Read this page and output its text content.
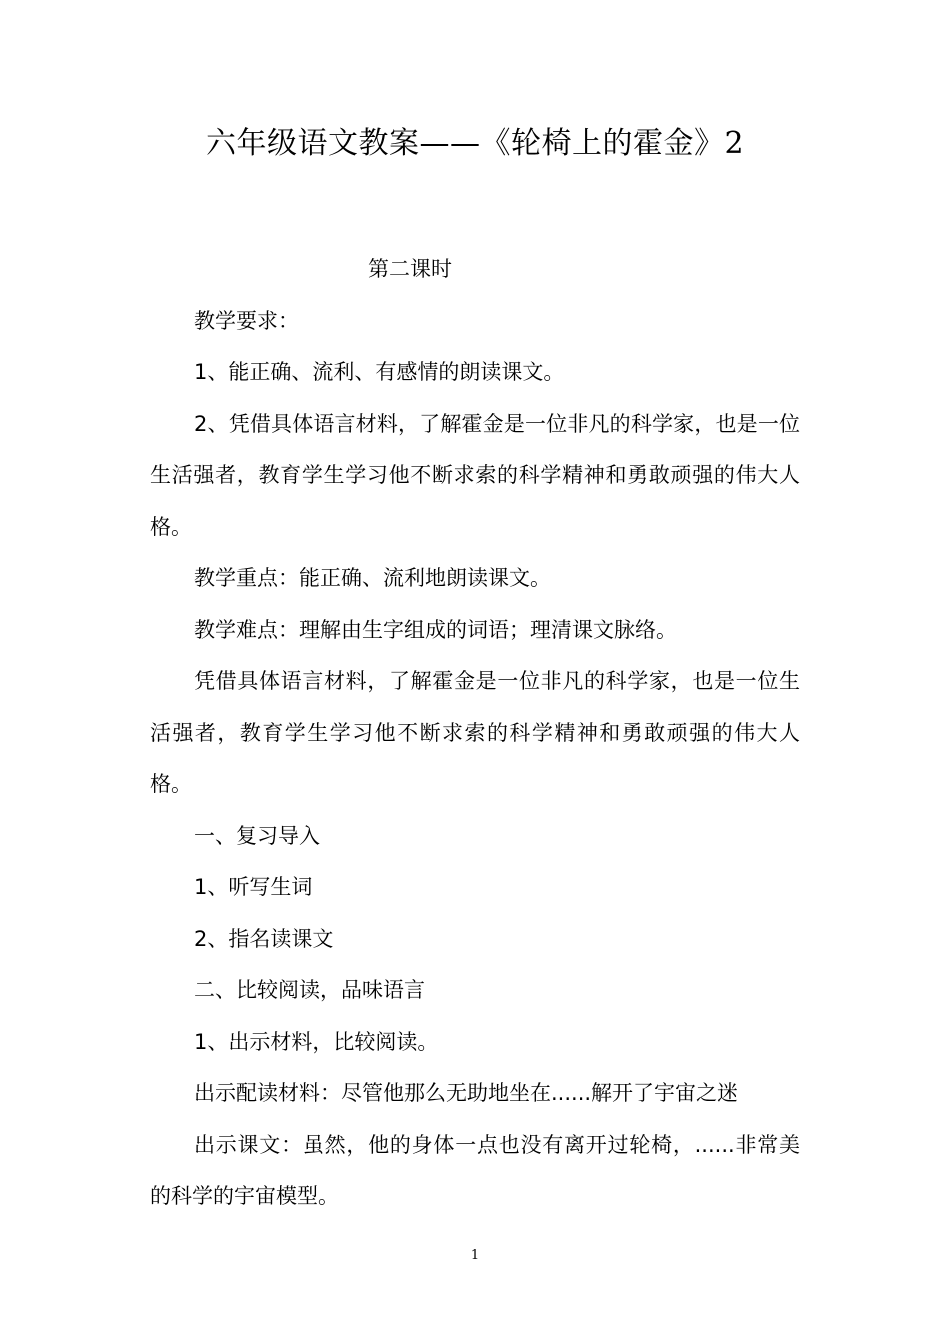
六年级语文教案——《轮椅上的霍金》2

第二课时

教学要求：

1、能正确、流利、有感情的朗读课文。

2、凭借具体语言材料，了解霍金是一位非凡的科学家，也是一位生活强者，教育学生学习他不断求索的科学精神和勇敢顽强的伟大人格。

教学重点：能正确、流利地朗读课文。

教学难点：理解由生字组成的词语；理清课文脉络。

凭借具体语言材料，了解霍金是一位非凡的科学家，也是一位生活强者，教育学生学习他不断求索的科学精神和勇敢顽强的伟大人格。

一、复习导入

1、听写生词

2、指名读课文

二、比较阅读，品味语言

1、出示材料，比较阅读。

出示配读材料：尽管他那么无助地坐在......解开了宇宙之迷

出示课文：虽然，他的身体一点也没有离开过轮椅，......非常美的科学的宇宙模型。

1
